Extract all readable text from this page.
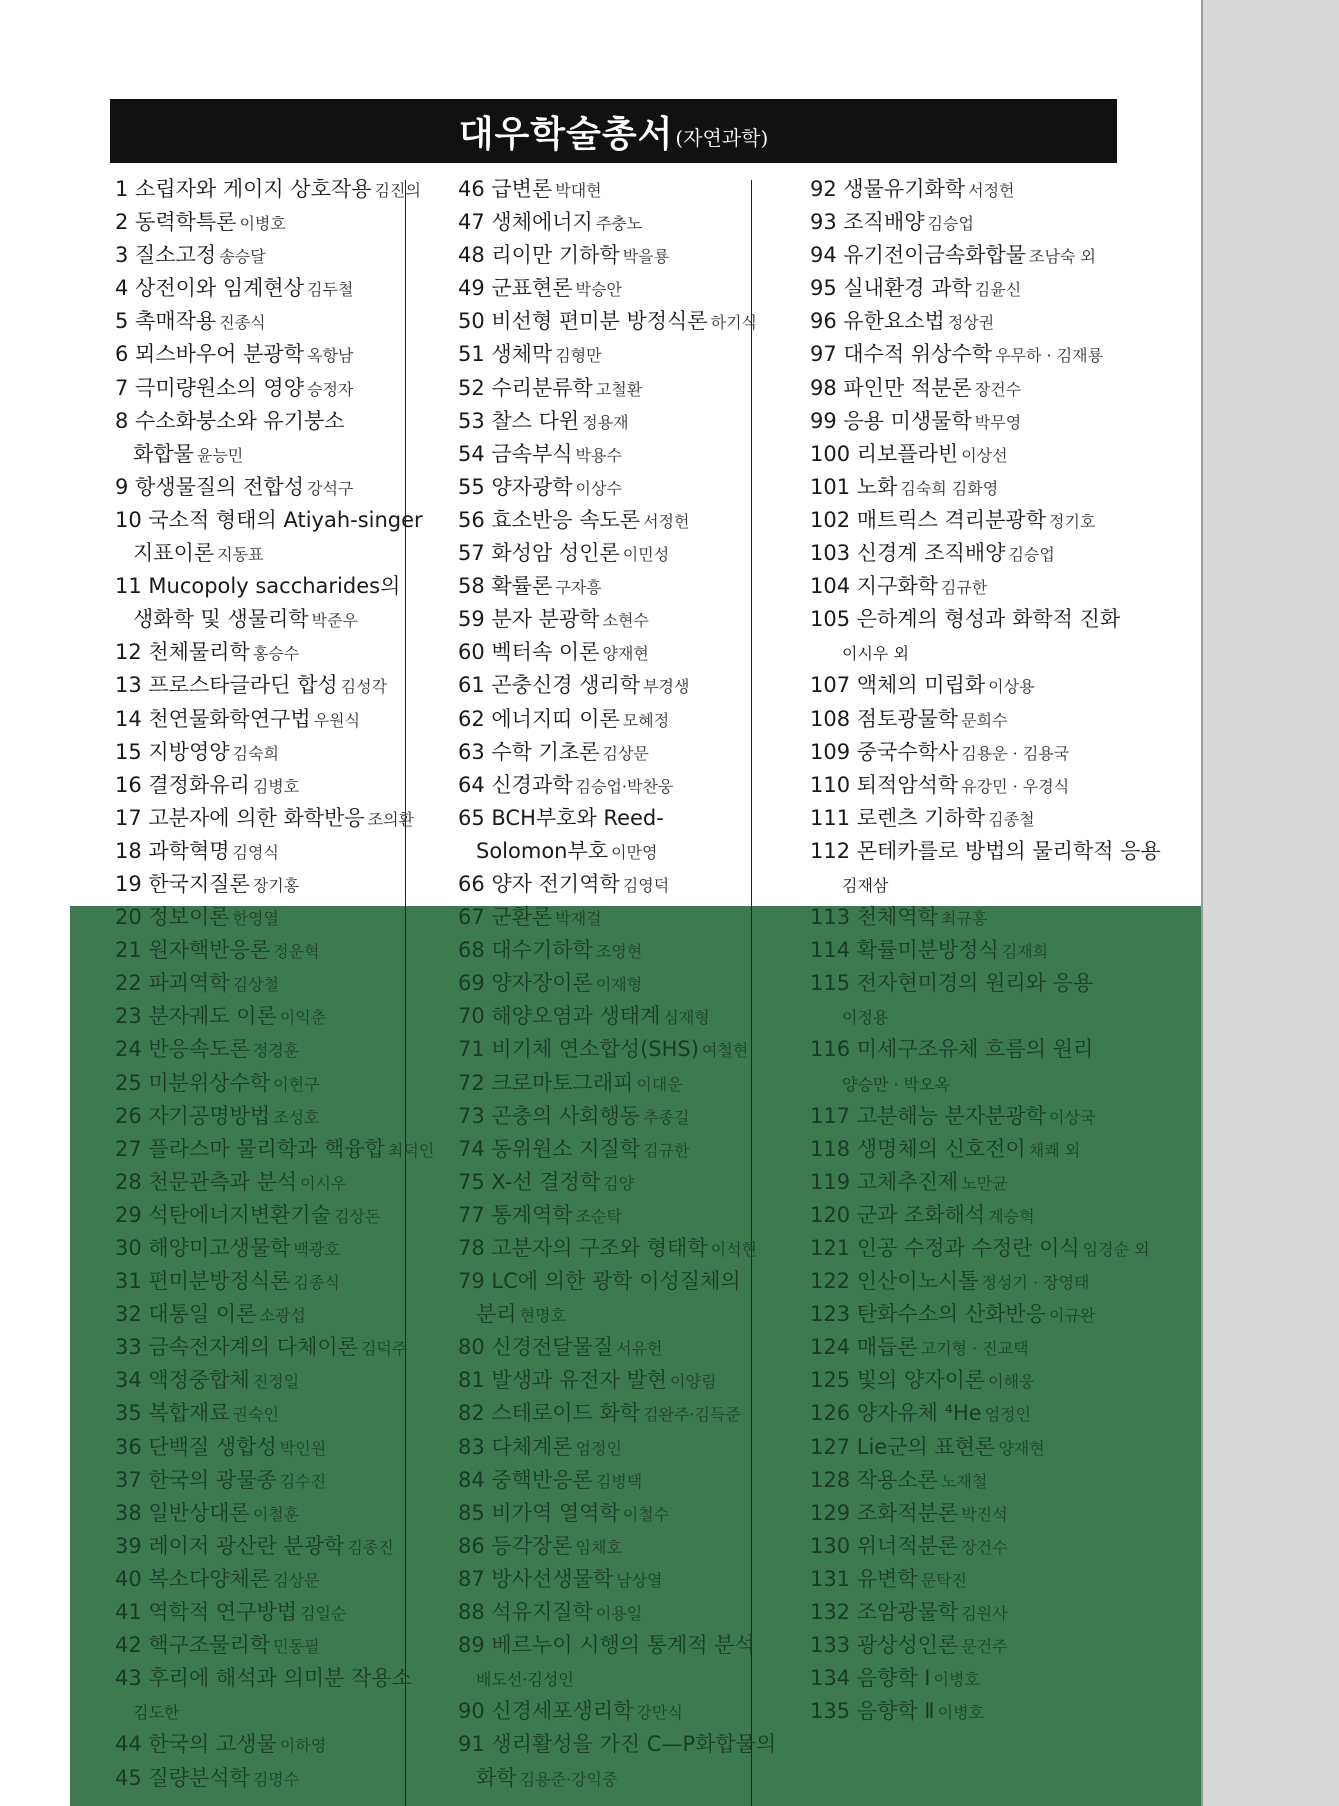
대우학술총서 (자연과학)
1 소립자와 게이지 상호작용 김진의
2 동력학특론 이병호
3 질소고정 송승달
4 상전이와 임계현상 김두철
5 촉매작용 진종식
6 뫼스바우어 분광학 옥항남
7 극미량원소의 영양 승정자
8 수소화붕소와 유기붕소
화합물 윤능민
9 항생물질의 전합성 강석구
10 국소적 형태의 Atiyah-singer
지표이론 지동표
11 Mucopoly saccharides의
생화학 및 생물리학 박준우
12 천체물리학 홍승수
13 프로스타글라딘 합성 김성각
14 천연물화학연구법 우원식
15 지방영양 김숙희
16 결정화유리 김병호
17 고분자에 의한 화학반응 조의환
18 과학혁명 김영식
19 한국지질론 장기홍
20 정보이론 한영열
21 원자핵반응론 정운혁
22 파괴역학 김상철
23 분자궤도 이론 이익춘
24 반응속도론 정경훈
25 미분위상수학 이현구
26 자기공명방법 조성호
27 플라스마 물리학과 핵융합 최덕인
28 천문관측과 분석 이시우
29 석탄에너지변환기술 김상돈
30 해양미고생물학 백광호
31 편미분방정식론 김종식
32 대통일 이론 소광섭
33 금속전자계의 다체이론 김덕주
34 액정중합체 진정일
35 복합재료 권숙인
36 단백질 생합성 박인원
37 한국의 광물종 김수진
38 일반상대론 이철훈
39 레이저 광산란 분광학 김종진
40 복소다양체론 김상문
41 역학적 연구방법 김일순
42 핵구조물리학 민동필
43 후리에 해석과 의미분 작용소
김도한
44 한국의 고생물 이하영
45 질량분석학 김명수
46 급변론 박대현
47 생체에너지 주충노
48 리이만 기하학 박을룡
49 군표현론 박승안
50 비선형 편미분 방정식론 하기식
51 생체막 김형만
52 수리분류학 고철환
53 찰스 다윈 정용재
54 금속부식 박용수
55 양자광학 이상수
56 효소반응 속도론 서정헌
57 화성암 성인론 이민성
58 확률론 구자흥
59 분자 분광학 소현수
60 벡터속 이론 양재현
61 곤충신경 생리학 부경생
62 에너지띠 이론 모혜정
63 수학 기초론 김상문
64 신경과학 김승업·박찬웅
65 BCH부호와 Reed-
Solomon부호 이만영
66 양자 전기역학 김영덕
67 군환론 박재걸
68 대수기하학 조영현
69 양자장이론 이재형
70 해양오염과 생태계 심재형
71 비기체 연소합성(SHS) 여철현
72 크로마토그래피 이대운
73 곤충의 사회행동 추종길
74 동위원소 지질학 김규한
75 X-선 결정학 김양
77 통계역학 조순탁
78 고분자의 구조와 형태학 이석현
79 LC에 의한 광학 이성질체의
분리 현명호
80 신경전달물질 서유헌
81 발생과 유전자 발현 이양림
82 스테로이드 화학 김완주·김득준
83 다체계론 엄정인
84 중핵반응론 김병택
85 비가역 열역학 이철수
86 등각장론 임채호
87 방사선생물학 남상열
88 석유지질학 이용일
89 베르누이 시행의 통계적 분석
배도선·김성인
90 신경세포생리학 강만식
91 생리활성을 가진 C—P화합물의
화학 김용준·강익중
92 생물유기화학 서정헌
93 조직배양 김승업
94 유기전이금속화합물 조남숙 외
95 실내환경 과학 김윤신
96 유한요소법 정상권
97 대수적 위상수학 우무하 · 김재룡
98 파인만 적분론 장건수
99 응용 미생물학 박무영
100 리보플라빈 이상선
101 노화 김숙희 김화영
102 매트릭스 격리분광학 정기호
103 신경계 조직배양 김승업
104 지구화학 김규한
105 은하계의 형성과 화학적 진화
이시우 외
107 액체의 미립화 이상용
108 점토광물학 문희수
109 중국수학사 김용운 · 김용국
110 퇴적암석학 유강민 · 우경식
111 로렌츠 기하학 김종철
112 몬테카를로 방법의 물리학적 응용
김재삼
113 천체역학 최규홍
114 확률미분방정식 김재희
115 전자현미경의 원리와 응용
이정용
116 미세구조유체 흐름의 원리
양승만 · 박오옥
117 고분해능 분자분광학 이상국
118 생명체의 신호전이 채쾌 외
119 고체추진제 노만균
120 군과 조화해석 계승혁
121 인공 수정과 수정란 이식 임경순 외
122 인산이노시톨 정성기 · 장영태
123 탄화수소의 산화반응 이규완
124 매듭론 고기형 · 진교택
125 빛의 양자이론 이해웅
126 양자유체 ⁴He 엄정인
127 Lie군의 표현론 양재현
128 작용소론 노재철
129 조화적분론 박진석
130 위너적분론 장건수
131 유변학 문탁진
132 조암광물학 김원사
133 광상성인론 문건주
134 음향학 I 이병호
135 음향학 Ⅱ 이병호
